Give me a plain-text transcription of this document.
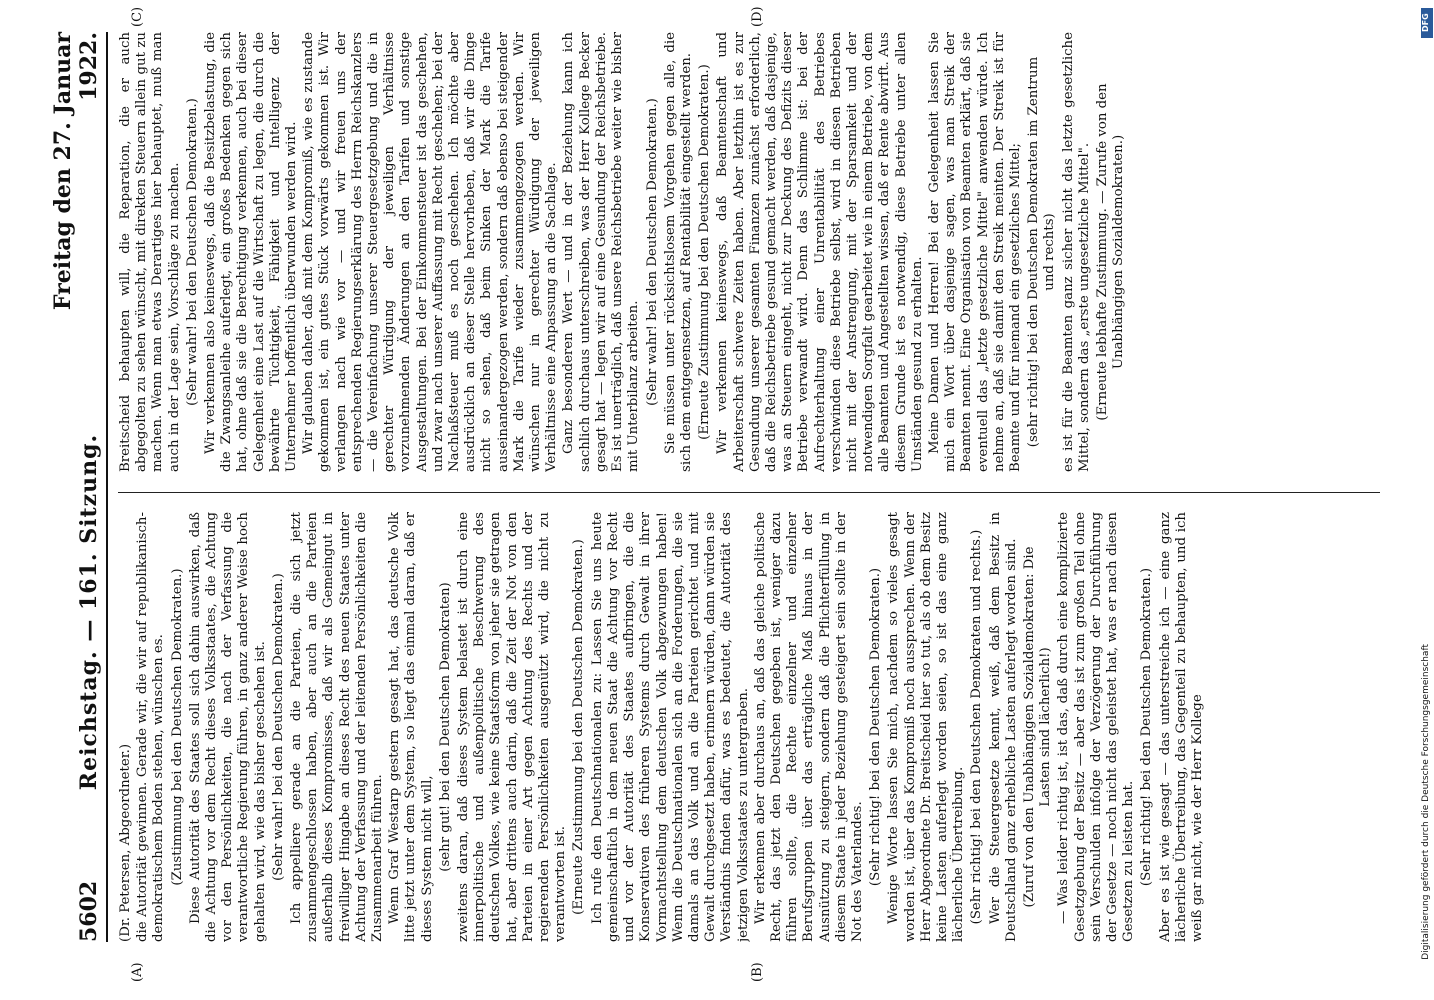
5602
Reichstag. — 161. Sitzung.
Freitag den 27. Januar 1922.
(A)	(B)
(C)	(D)

(Dr. Petersen, Abgeordneter.) die Autorität gewinnen. Gerade wir, die wir auf republikanisch-demokratischem Boden stehen, wünschen es. (Zustimmung bei den Deutschen Demokraten.) Diese Autorität des Staates soll sich dahin auswirken, daß die Achtung vor dem Recht dieses Volksstaates, die Achtung vor den Persönlichkeiten, die nach der Verfassung die verantwortliche Regierung führen, in ganz anderer Weise hoch gehalten wird, wie das bisher geschehen ist. (Sehr wahr! bei den Deutschen Demokraten.) Ich appelliere gerade an die Parteien, die sich jetzt zusammengeschlossen haben, aber auch an die Parteien außerhalb dieses Kompromisses, daß wir als Gemeingut in freiwilliger Hingabe an dieses Recht des neuen Staates unter Achtung der Verfassung und der leitenden Persönlichkeiten die Zusammenarbeit führen. Wenn Graf Westarp gestern gesagt hat, das deutsche Volk litte jetzt unter dem System, so liegt das einmal daran, daß er dieses System nicht will, (sehr gut! bei den Deutschen Demokraten) zweitens daran, daß dieses System belastet ist durch eine innerpolitische und außenpolitische Beschwerung des deutschen Volkes, wie keine Staatsform von jeher sie getragen hat, aber drittens auch darin, daß die Zeit der Not von den Parteien in einer Art gegen Achtung des Rechts und der regierenden Persönlichkeiten ausgenützt wird, die nicht zu verantworten ist. (Erneute Zustimmung bei den Deutschen Demokraten.) Ich rufe den Deutschnationalen zu: Lassen Sie uns heute gemeinschaftlich in dem neuen Staat die Achtung vor Recht und vor der Autorität des Staates aufbringen, die die Konservativen des früheren Systems durch Gewalt in ihrer Vormachtstellung dem deutschen Volk abgezwungen haben! Wenn die Deutschnationalen sich an die Forderungen, die sie damals an das Volk und an die Parteien gerichtet und mit Gewalt durchgesetzt haben, erinnern würden, dann würden sie Verständnis finden dafür, was es bedeutet, die Autorität des jetzigen Volksstaates zu untergraben. Wir erkennen aber durchaus an, daß das gleiche politische Recht, das jetzt den Deutschen gegeben ist, weniger dazu führen sollte, die Rechte einzelner und einzelner Berufsgruppen über das erträgliche Maß hinaus in der Ausnützung zu steigern, sondern daß die Pflichterfüllung in diesem Staate in jeder Beziehung gesteigert sein sollte in der Not des Vaterlandes. (Sehr richtig! bei den Deutschen Demokraten.) Wenige Worte lassen Sie mich, nachdem so vieles gesagt worden ist, über das Kompromiß noch aussprechen. Wenn der Herr Abgeordnete Dr. Breitscheid hier so tut, als ob dem Besitz keine Lasten auferlegt worden seien, so ist das eine ganz lächerliche Übertreibung. (Sehr richtig! bei den Deutschen Demokraten und rechts.) Wer die Steuergesetze kennt, weiß, daß dem Besitz in Deutschland ganz erhebliche Lasten auferlegt worden sind. (Zuruf von den Unabhängigen Sozialdemokraten: Die Lasten sind lächerlich!) — Was leider richtig ist, ist das, daß durch eine komplizierte Gesetzgebung der Besitz — aber das ist zum großen Teil ohne sein Verschulden infolge der Verzögerung der Durchführung der Gesetze — noch nicht das geleistet hat, was er nach diesen Gesetzen zu leisten hat. (Sehr richtig! bei den Deutschen Demokraten.) Aber es ist wie gesagt — das unterstreiche ich — eine ganz lächerliche Übertreibung, das Gegenteil zu behaupten, und ich weiß gar nicht, wie der Herr Kollege

Breitscheid behaupten will, die Reparation, die er auch abgegolten zu sehen wünscht, mit direkten Steuern allein gut zu machen. Wenn man etwas Derartiges hier behauptet, muß man auch in der Lage sein, Vorschläge zu machen. (Sehr wahr! bei den Deutschen Demokraten.) Wir verkennen also keineswegs, daß die Besitzbelastung, die die Zwangsanleihe auferlegt, ein großes Bedenken gegen sich hat, ohne daß sie die Berechtigung verkennen, auch bei dieser Gelegenheit eine Last auf die Wirtschaft zu legen, die durch die bewährte Tüchtigkeit, Fähigkeit und Intelligenz der Unternehmer hoffentlich überwunden werden wird. Wir glauben daher, daß mit dem Kompromiß, wie es zustande gekommen ist, ein gutes Stück vorwärts gekommen ist. Wir verlangen nach wie vor — und wir freuen uns der entsprechenden Regierungserklärung des Herrn Reichskanzlers — die Vereinfachung unserer Steuergesetzgebung und die in gerechter Würdigung der jeweiligen Verhältnisse vorzunehmenden Änderungen an den Tarifen und sonstige Ausgestaltungen. Bei der Einkommensteuer ist das geschehen, und zwar nach unserer Auffassung mit Recht geschehen; bei der Nachlaßsteuer muß es noch geschehen. Ich möchte aber ausdrücklich an dieser Stelle hervorheben, daß wir die Dinge nicht so sehen, daß beim Sinken der Mark die Tarife auseinandergezogen werden, sondern daß ebenso bei steigender Mark die Tarife wieder zusammengezogen werden. Wir wünschen nur in gerechter Würdigung der jeweiligen Verhältnisse eine Anpassung an die Sachlage. Ganz besonderen Wert — und in der Beziehung kann ich sachlich durchaus unterschreiben, was der Herr Kollege Becker gesagt hat — legen wir auf eine Gesundung der Reichsbetriebe. Es ist unerträglich, daß unsere Reichsbetriebe weiter wie bisher mit Unterbilanz arbeiten. (Sehr wahr! bei den Deutschen Demokraten.) Sie müssen unter rücksichtslosem Vorgehen gegen alle, die sich dem entgegensetzen, auf Rentabilität eingestellt werden. (Erneute Zustimmung bei den Deutschen Demokraten.) Wir verkennen keineswegs, daß Beamtenschaft und Arbeiterschaft schwere Zeiten haben. Aber letzthin ist es zur Gesundung unserer gesamten Finanzen zunächst erforderlich, daß die Reichsbetriebe gesund gemacht werden, daß dasjenige, was an Steuern eingeht, nicht zur Deckung des Defizits dieser Betriebe verwandt wird. Denn das Schlimme ist: bei der Aufrechterhaltung einer Unrentabilität des Betriebes verschwinden diese Betriebe selbst, wird in diesen Betrieben nicht mit der Anstrengung, mit der Sparsamkeit und der notwendigen Sorgfalt gearbeitet wie in einem Betriebe, von dem alle Beamten und Angestellten wissen, daß er Rente abwirft. Aus diesem Grunde ist es notwendig, diese Betriebe unter allen Umständen gesund zu erhalten. Meine Damen und Herren! Bei der Gelegenheit lassen Sie mich ein Wort über dasjenige sagen, was man Streik der Beamten nennt. Eine Organisation von Beamten erklärt, daß sie eventuell das „letzte gesetzliche Mittel" anwenden würde. Ich nehme an, daß sie damit den Streik meinten. Der Streik ist für Beamte und für niemand ein gesetzliches Mittel; (sehr richtig! bei den Deutschen Demokraten im Zentrum und rechts) es ist für die Beamten ganz sicher nicht das letzte gesetzliche Mittel, sondern das „erste ungesetzliche Mittel". (Erneute lebhafte Zustimmung. — Zurufe von den Unabhängigen Sozialdemokraten.)

DFG
Digitalisierung gefördert durch die Deutsche Forschungsgemeinschaft
